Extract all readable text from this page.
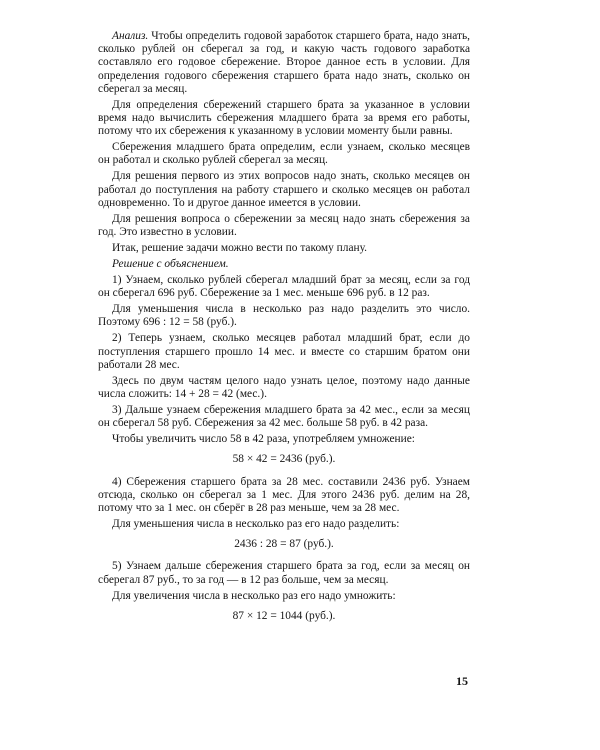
Анализ. Чтобы определить годовой заработок старшего брата, надо знать, сколько рублей он сберегал за год, и какую часть годового заработка составляло его годовое сбережение. Второе данное есть в условии. Для определения годового сбережения старшего брата надо знать, сколько он сберегал за месяц.

Для определения сбережений старшего брата за указанное в условии время надо вычислить сбережения младшего брата за время его работы, потому что их сбережения к указанному в условии моменту были равны.

Сбережения младшего брата определим, если узнаем, сколько месяцев он работал и сколько рублей сберегал за месяц.

Для решения первого из этих вопросов надо знать, сколько месяцев он работал до поступления на работу старшего и сколько месяцев он работал одновременно. То и другое данное имеется в условии.

Для решения вопроса о сбережении за месяц надо знать сбережения за год. Это известно в условии.

Итак, решение задачи можно вести по такому плану.

Решение с объяснением.

1) Узнаем, сколько рублей сберегал младший брат за месяц, если за год он сберегал 696 руб. Сбережение за 1 мес. меньше 696 руб. в 12 раз.

Для уменьшения числа в несколько раз надо разделить это число. Поэтому 696 : 12 = 58 (руб.).

2) Теперь узнаем, сколько месяцев работал младший брат, если до поступления старшего прошло 14 мес. и вместе со старшим братом они работали 28 мес.

Здесь по двум частям целого надо узнать целое, поэтому надо данные числа сложить: 14 + 28 = 42 (мес.).

3) Дальше узнаем сбережения младшего брата за 42 мес., если за месяц он сберегал 58 руб. Сбережения за 42 мес. больше 58 руб. в 42 раза.

Чтобы увеличить число 58 в 42 раза, употребляем умножение:

58 × 42 = 2436 (руб.).

4) Сбережения старшего брата за 28 мес. составили 2436 руб. Узнаем отсюда, сколько он сберегал за 1 мес. Для этого 2436 руб. делим на 28, потому что за 1 мес. он сберёг в 28 раз меньше, чем за 28 мес.

Для уменьшения числа в несколько раз его надо разделить:

2436 : 28 = 87 (руб.).

5) Узнаем дальше сбережения старшего брата за год, если за месяц он сберегал 87 руб., то за год — в 12 раз больше, чем за месяц.

Для увеличения числа в несколько раз его надо умножить:

87 × 12 = 1044 (руб.).

15
